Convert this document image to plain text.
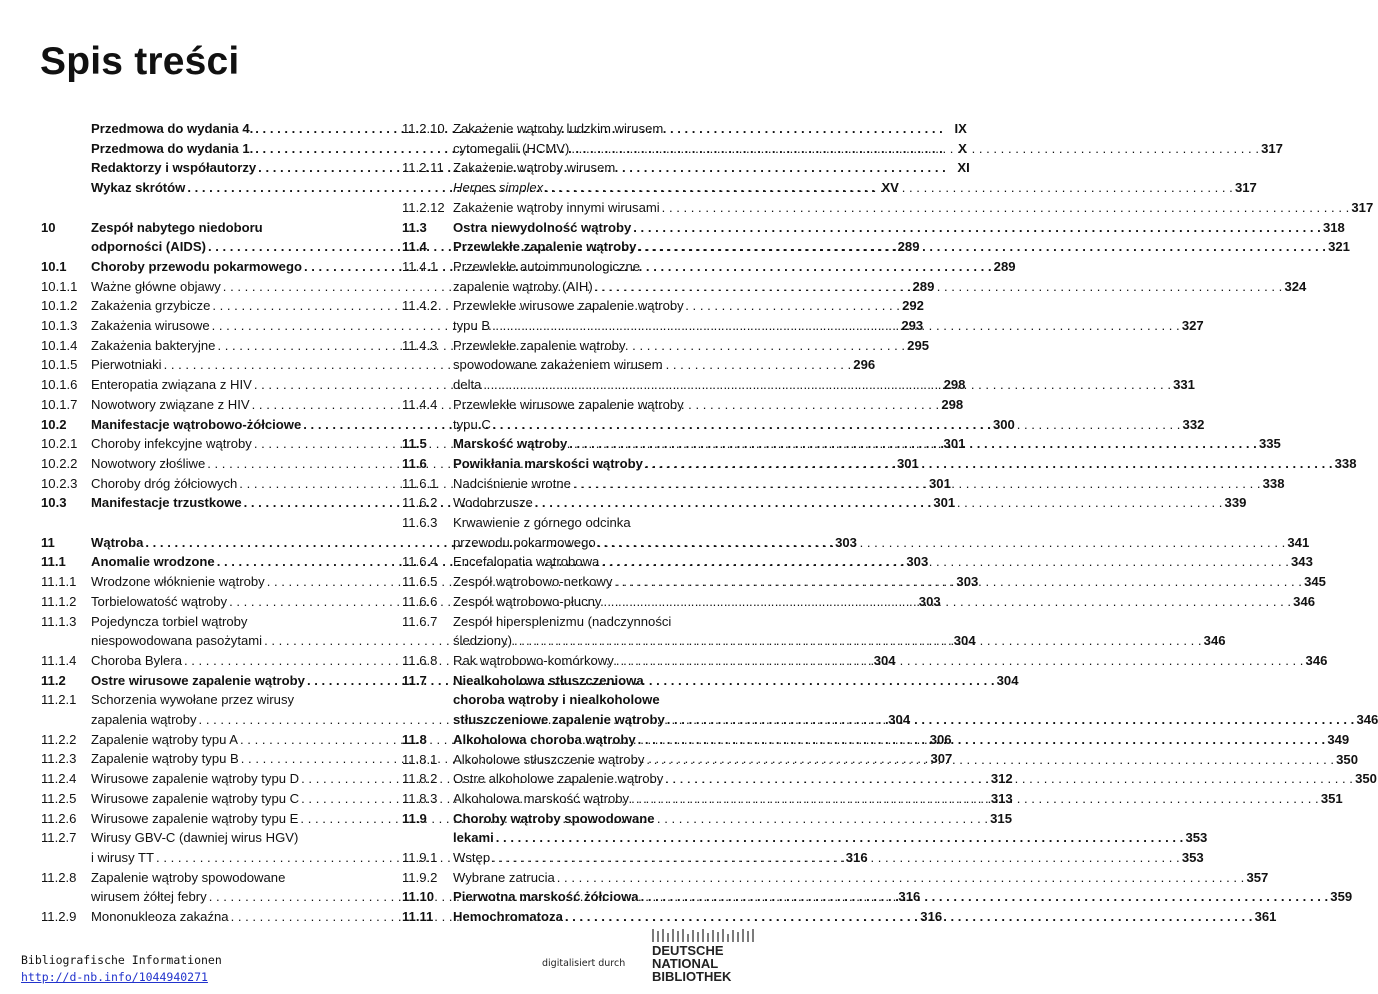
Spis treści
Przedmowa do wydania 4. . . .	IX
Przedmowa do wydania 1. . . .	X
Redaktorzy i współautorzy . . .	XI
Wykaz skrótów . . .	XV
10	Zespół nabytego niedoboru
odporności (AIDS) . . .	289
10.1	Choroby przewodu pokarmowego . . .	289
10.1.1	Ważne główne objawy . . .	289
10.1.2	Zakażenia grzybicze . . .	292
10.1.3	Zakażenia wirusowe . . .	293
10.1.4	Zakażenia bakteryjne . . .	295
10.1.5	Pierwotniaki . . .	296
10.1.6	Enteropatia związana z HIV . . .	298
10.1.7	Nowotwory związane z HIV . . .	298
10.2	Manifestacje wątrobowo-żółciowe . . .	300
10.2.1	Choroby infekcyjne wątroby . . .	301
10.2.2	Nowotwory złośliwe . . .	301
10.2.3	Choroby dróg żółciowych . . .	301
10.3	Manifestacje trzustkowe . . .	301
11	Wątroba . . .	303
11.1	Anomalie wrodzone . . .	303
11.1.1	Wrodzone włóknienie wątroby . . .	303
11.1.2	Torbielowatość wątroby . . .	303
11.1.3	Pojedyncza torbiel wątroby
niespowodowana pasożytami . . .	304
11.1.4	Choroba Bylera . . .	304
11.2	Ostre wirusowe zapalenie wątroby . . .	304
11.2.1	Schorzenia wywołane przez wirusy
zapalenia wątroby . . .	304
11.2.2	Zapalenie wątroby typu A . . .	306
11.2.3	Zapalenie wątroby typu B . . .	307
11.2.4	Wirusowe zapalenie wątroby typu D . . .	312
11.2.5	Wirusowe zapalenie wątroby typu C . . .	313
11.2.6	Wirusowe zapalenie wątroby typu E . . .	315
11.2.7	Wirusy GBV-C (dawniej wirus HGV)
i wirusy TT . . .	316
11.2.8	Zapalenie wątroby spowodowane
wirusem żółtej febry . . .	316
11.2.9	Mononukleoza zakaźna . . .	316
11.2.10 Zakażenie wątroby ludzkim wirusem
cytomegalii (HCMV) . . .	317
11.2.11 Zakażenie wątroby wirusem
Herpes simplex . . .	317
11.2.12 Zakażenie wątroby innymi wirusami . . .	317
11.3	Ostra niewydolność wątroby . . .	318
11.4	Przewlekłe zapalenie wątroby . . .	321
11.4.1	Przewlekłe autoimmunologiczne
zapalenie wątroby (AIH) . . .	324
11.4.2	Przewlekłe wirusowe zapalenie wątroby
typu B . . .	327
11.4.3	Przewlekłe zapalenie wątroby
spowodowane zakażeniem wirusem
delta . . .	331
11.4.4	Przewlekłe wirusowe zapalenie wątroby
typu C . . .	332
11.5	Marskość wątroby . . .	335
11.6	Powikłania marskości wątroby . . .	338
11.6.1	Nadciśnienie wrotne . . .	338
11.6.2	Wodobrzusze . . .	339
11.6.3	Krwawienie z górnego odcinka
przewodu pokarmowego . . .	341
11.6.4	Encefalopatia wątrobowa . . .	343
11.6.5	Zespół wątrobowo-nerkowy . . .	345
11.6.6	Zespół wątrobowo-płucny . . .	346
11.6.7	Zespół hipersplenizmu (nadczynności
śledziony) . . .	346
11.6.8	Rak wątrobowo-komórkowy . . .	346
11.7	Niealkoholowa stłuszczeniowa
choroba wątroby i niealkoholowe
stłuszczeniowe zapalenie wątroby . . .	346
11.8	Alkoholowa choroba wątroby . . .	349
11.8.1	Alkoholowe stłuszczenie wątroby . . .	350
11.8.2	Ostre alkoholowe zapalenie wątroby . . .	350
11.8.3	Alkoholowa marskość wątroby . . .	351
11.9	Choroby wątroby spowodowane
lekami . . .	353
11.9.1	Wstęp . . .	353
11.9.2	Wybrane zatrucia . . .	357
11.10	Pierwotna marskość żółciowa . . .	359
11.11	Hemochromatoza . . .	361
Bibliografische Informationen
http://d-nb.info/1044940271
digitalisiert durch
DEUTSCHE
NATIONAL
BIBLIOTHEK
